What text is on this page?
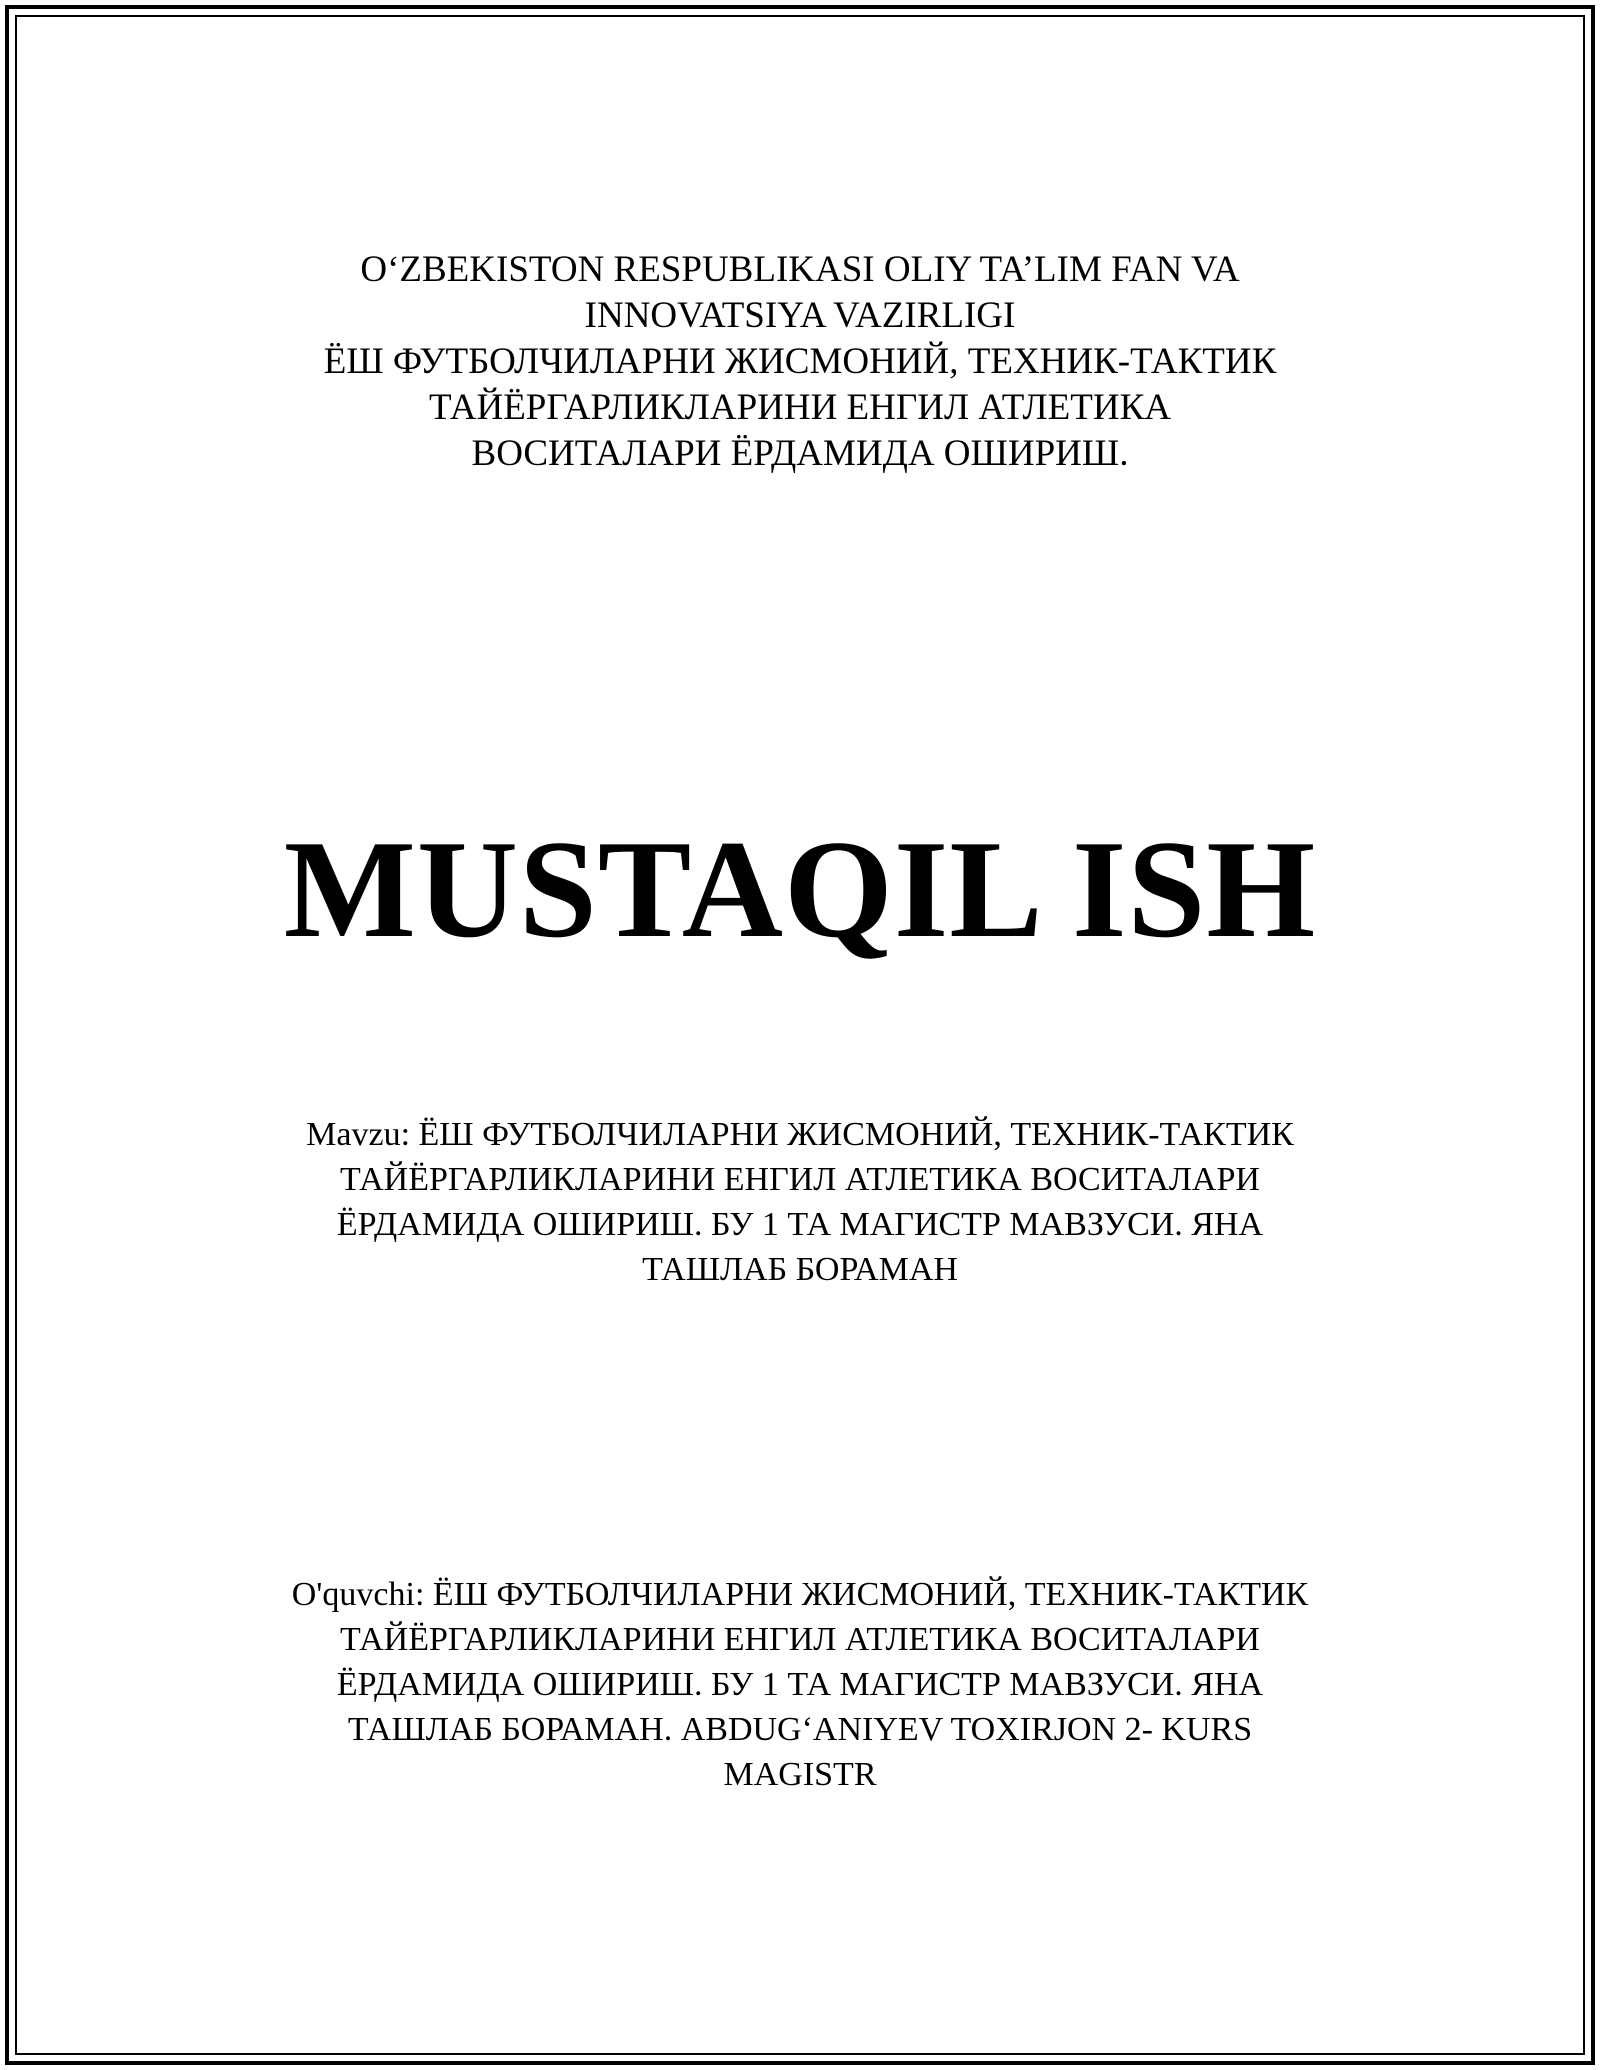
O‘ZBEKISTON RESPUBLIKASI OLIY TA’LIM FAN VA
INNOVATSIYA VAZIRLIGI
ЁШ ФУТБОЛЧИЛАРНИ ЖИСМОНИЙ, ТЕХНИК-ТАКТИК
ТАЙЁРГАРЛИКЛАРИНИ ЕНГИЛ АТЛЕТИКА
ВОСИТАЛАРИ ЁРДАМИДА ОШИРИШ.
MUSTAQIL ISH
Mavzu: ЁШ ФУТБОЛЧИЛАРНИ ЖИСМОНИЙ, ТЕХНИК-ТАКТИК
ТАЙЁРГАРЛИКЛАРИНИ ЕНГИЛ АТЛЕТИКА ВОСИТАЛАРИ
ЁРДАМИДА ОШИРИШ. БУ 1 ТА МАГИСТР МАВЗУСИ. ЯНА
ТАШЛАБ БОРАМАН
O'quvchi: ЁШ ФУТБОЛЧИЛАРНИ ЖИСМОНИЙ, ТЕХНИК-ТАКТИК
ТАЙЁРГАРЛИКЛАРИНИ ЕНГИЛ АТЛЕТИКА ВОСИТАЛАРИ
ЁРДАМИДА ОШИРИШ. БУ 1 ТА МАГИСТР МАВЗУСИ. ЯНА
ТАШЛАБ БОРАМАН. ABDUG‘ANIYEV TOXIRJON 2- KURS
MAGISTR
